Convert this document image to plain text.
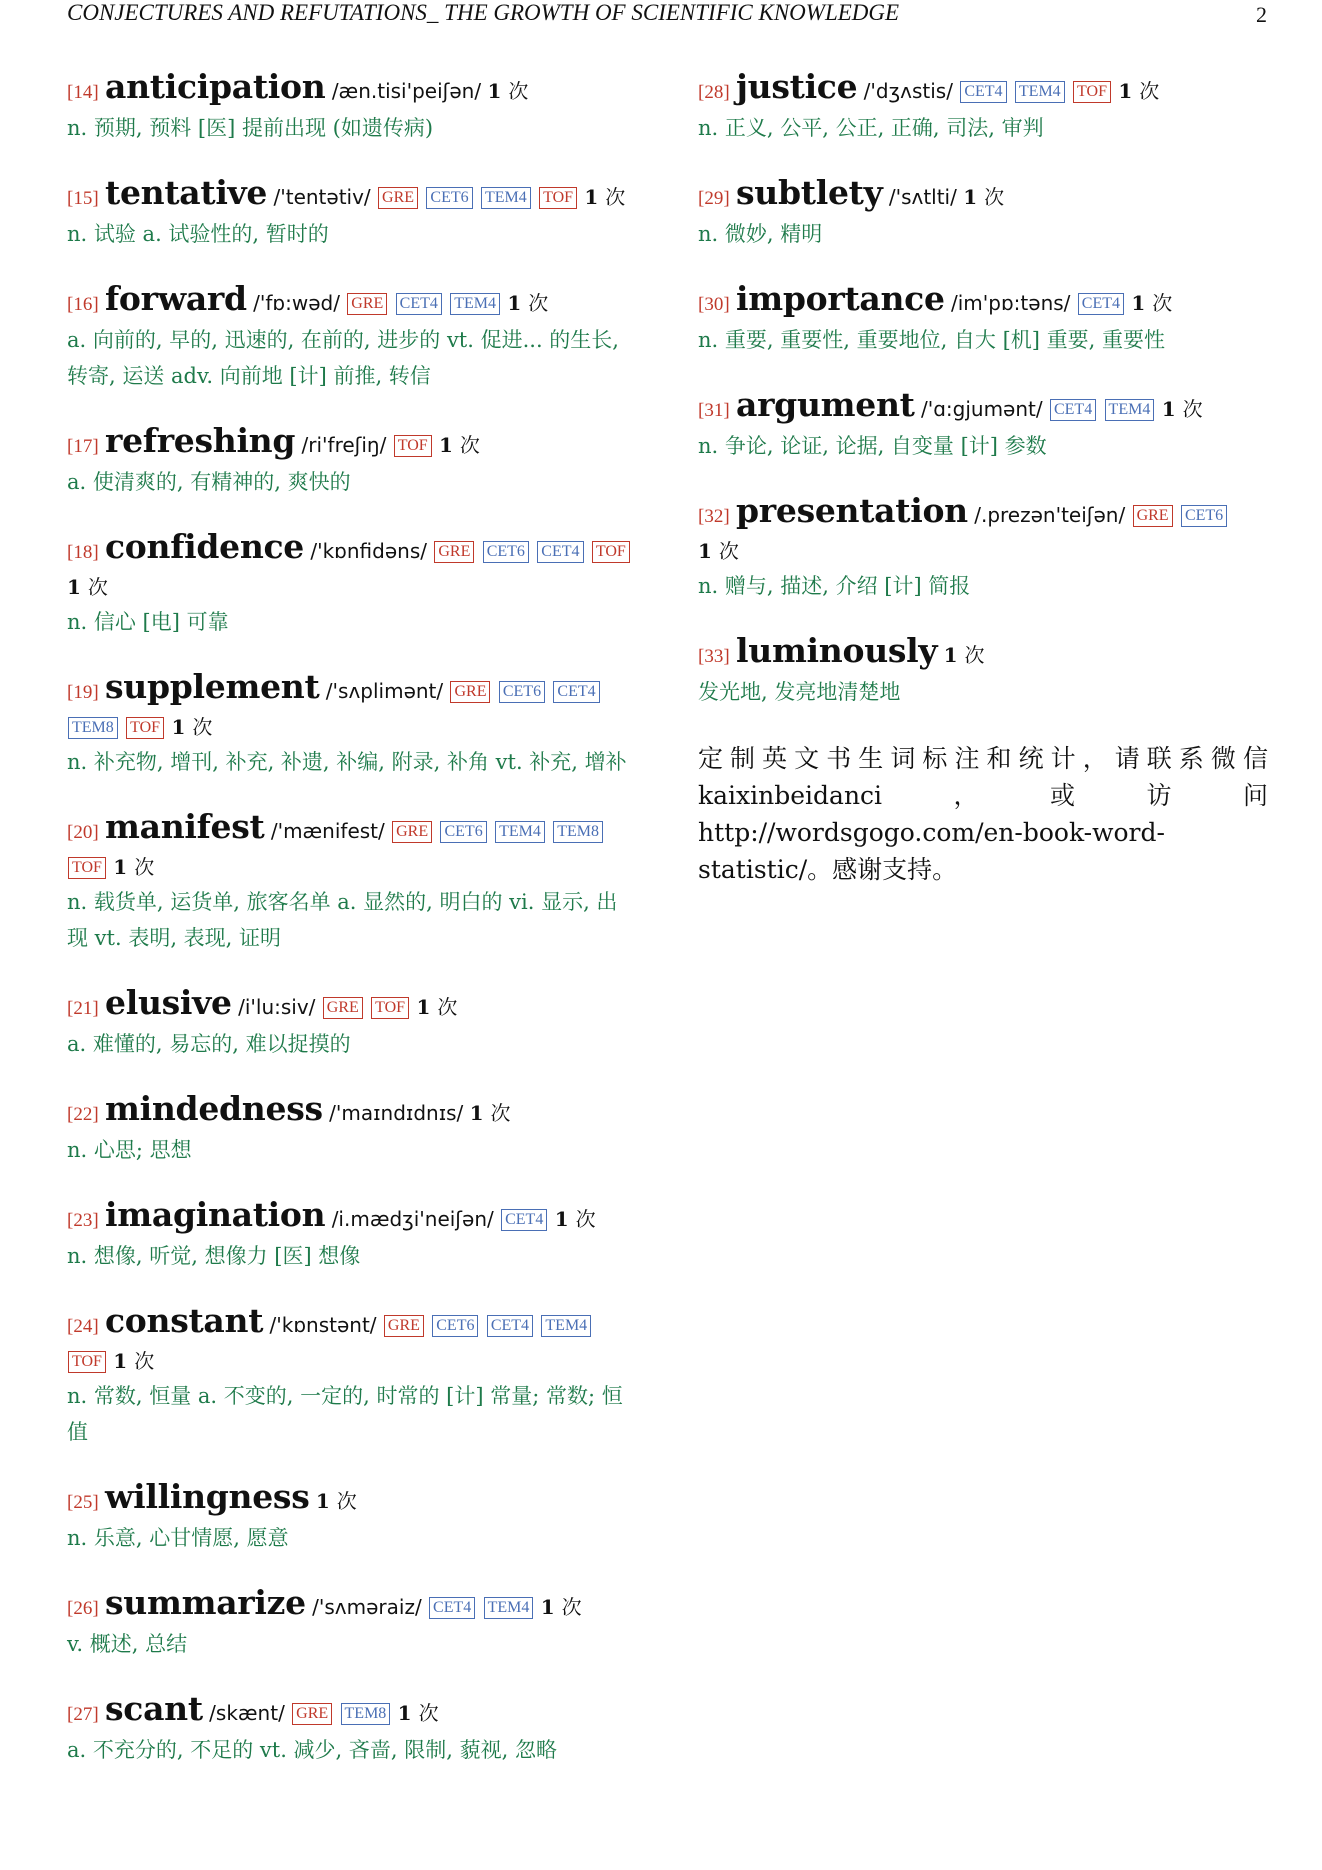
CONJECTURES AND REFUTATIONS_ THE GROWTH OF SCIENTIFIC KNOWLEDGE	2
[14] anticipation /æn.tisi'peiʃən/ 1 次
n. 预期, 预料 [医] 提前出现 (如遗传病)
[15] tentative /'tentətiv/ GRE CET6 TEM4 TOF 1 次
n. 试验 a. 试验性的, 暂时的
[16] forward /'fɒ:wəd/ GRE CET4 TEM4 1 次
a. 向前的, 早的, 迅速的, 在前的, 进步的 vt. 促进... 的生长, 转寄, 运送 adv. 向前地 [计] 前推, 转信
[17] refreshing /ri'freʃiŋ/ TOF 1 次
a. 使清爽的, 有精神的, 爽快的
[18] confidence /'kɒnfidəns/ GRE CET6 CET4 TOF 1 次
n. 信心 [电] 可靠
[19] supplement /'sʌplimənt/ GRE CET6 CET4 TEM8 TOF 1 次
n. 补充物, 增刊, 补充, 补遗, 补编, 附录, 补角 vt. 补充, 增补
[20] manifest /'mænifest/ GRE CET6 TEM4 TEM8 TOF 1 次
n. 载货单, 运货单, 旅客名单 a. 显然的, 明白的 vi. 显示, 出现 vt. 表明, 表现, 证明
[21] elusive /i'lu:siv/ GRE TOF 1 次
a. 难懂的, 易忘的, 难以捉摸的
[22] mindedness /'maɪndɪdnɪs/ 1 次
n. 心思; 思想
[23] imagination /i.mædʒi'neiʃən/ CET4 1 次
n. 想像, 听觉, 想像力 [医] 想像
[24] constant /'kɒnstənt/ GRE CET6 CET4 TEM4 TOF 1 次
n. 常数, 恒量 a. 不变的, 一定的, 时常的 [计] 常量; 常数; 恒值
[25] willingness 1 次
n. 乐意, 心甘情愿, 愿意
[26] summarize /'sʌməraiz/ CET4 TEM4 1 次
v. 概述, 总结
[27] scant /skænt/ GRE TEM8 1 次
a. 不充分的, 不足的 vt. 减少, 吝啬, 限制, 藐视, 忽略
[28] justice /'dʒʌstis/ CET4 TEM4 TOF 1 次
n. 正义, 公平, 公正, 正确, 司法, 审判
[29] subtlety /'sʌtlti/ 1 次
n. 微妙, 精明
[30] importance /im'pɒ:təns/ CET4 1 次
n. 重要, 重要性, 重要地位, 自大 [机] 重要, 重要性
[31] argument /'ɑ:gjumənt/ CET4 TEM4 1 次
n. 争论, 论证, 论据, 自变量 [计] 参数
[32] presentation /.prezən'teiʃən/ GRE CET6 1 次
n. 赠与, 描述, 介绍 [计] 简报
[33] luminously 1 次
发光地, 发亮地清楚地
定制英文书生词标注和统计，请联系微信 kaixinbeidanci，或访问 http://wordsgogo.com/en-book-word-statistic/。感谢支持。
